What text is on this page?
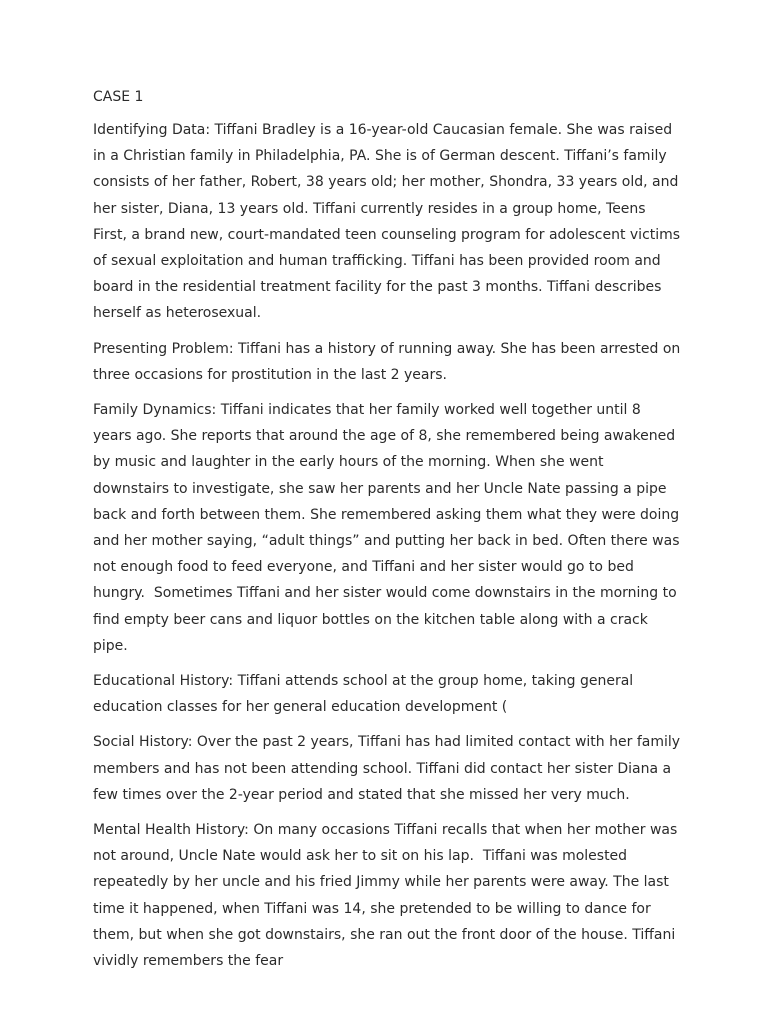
CASE 1

Identifying Data: Tiffani Bradley is a 16-year-old Caucasian female. She was raised in a Christian family in Philadelphia, PA. She is of German descent. Tiffani’s family consists of her father, Robert, 38 years old; her mother, Shondra, 33 years old, and her sister, Diana, 13 years old. Tiffani currently resides in a group home, Teens First, a brand new, court-mandated teen counseling program for adolescent victims of sexual exploitation and human trafficking. Tiffani has been provided room and board in the residential treatment facility for the past 3 months. Tiffani describes herself as heterosexual.

Presenting Problem: Tiffani has a history of running away. She has been arrested on three occasions for prostitution in the last 2 years.

Family Dynamics: Tiffani indicates that her family worked well together until 8 years ago. She reports that around the age of 8, she remembered being awakened by music and laughter in the early hours of the morning. When she went downstairs to investigate, she saw her parents and her Uncle Nate passing a pipe back and forth between them. She remembered asking them what they were doing and her mother saying, “adult things” and putting her back in bed. Often there was not enough food to feed everyone, and Tiffani and her sister would go to bed hungry.  Sometimes Tiffani and her sister would come downstairs in the morning to find empty beer cans and liquor bottles on the kitchen table along with a crack pipe.

Educational History: Tiffani attends school at the group home, taking general education classes for her general education development (

Social History: Over the past 2 years, Tiffani has had limited contact with her family members and has not been attending school. Tiffani did contact her sister Diana a few times over the 2-year period and stated that she missed her very much.

Mental Health History: On many occasions Tiffani recalls that when her mother was not around, Uncle Nate would ask her to sit on his lap.  Tiffani was molested repeatedly by her uncle and his fried Jimmy while her parents were away. The last time it happened, when Tiffani was 14, she pretended to be willing to dance for them, but when she got downstairs, she ran out the front door of the house. Tiffani vividly remembers the fear
